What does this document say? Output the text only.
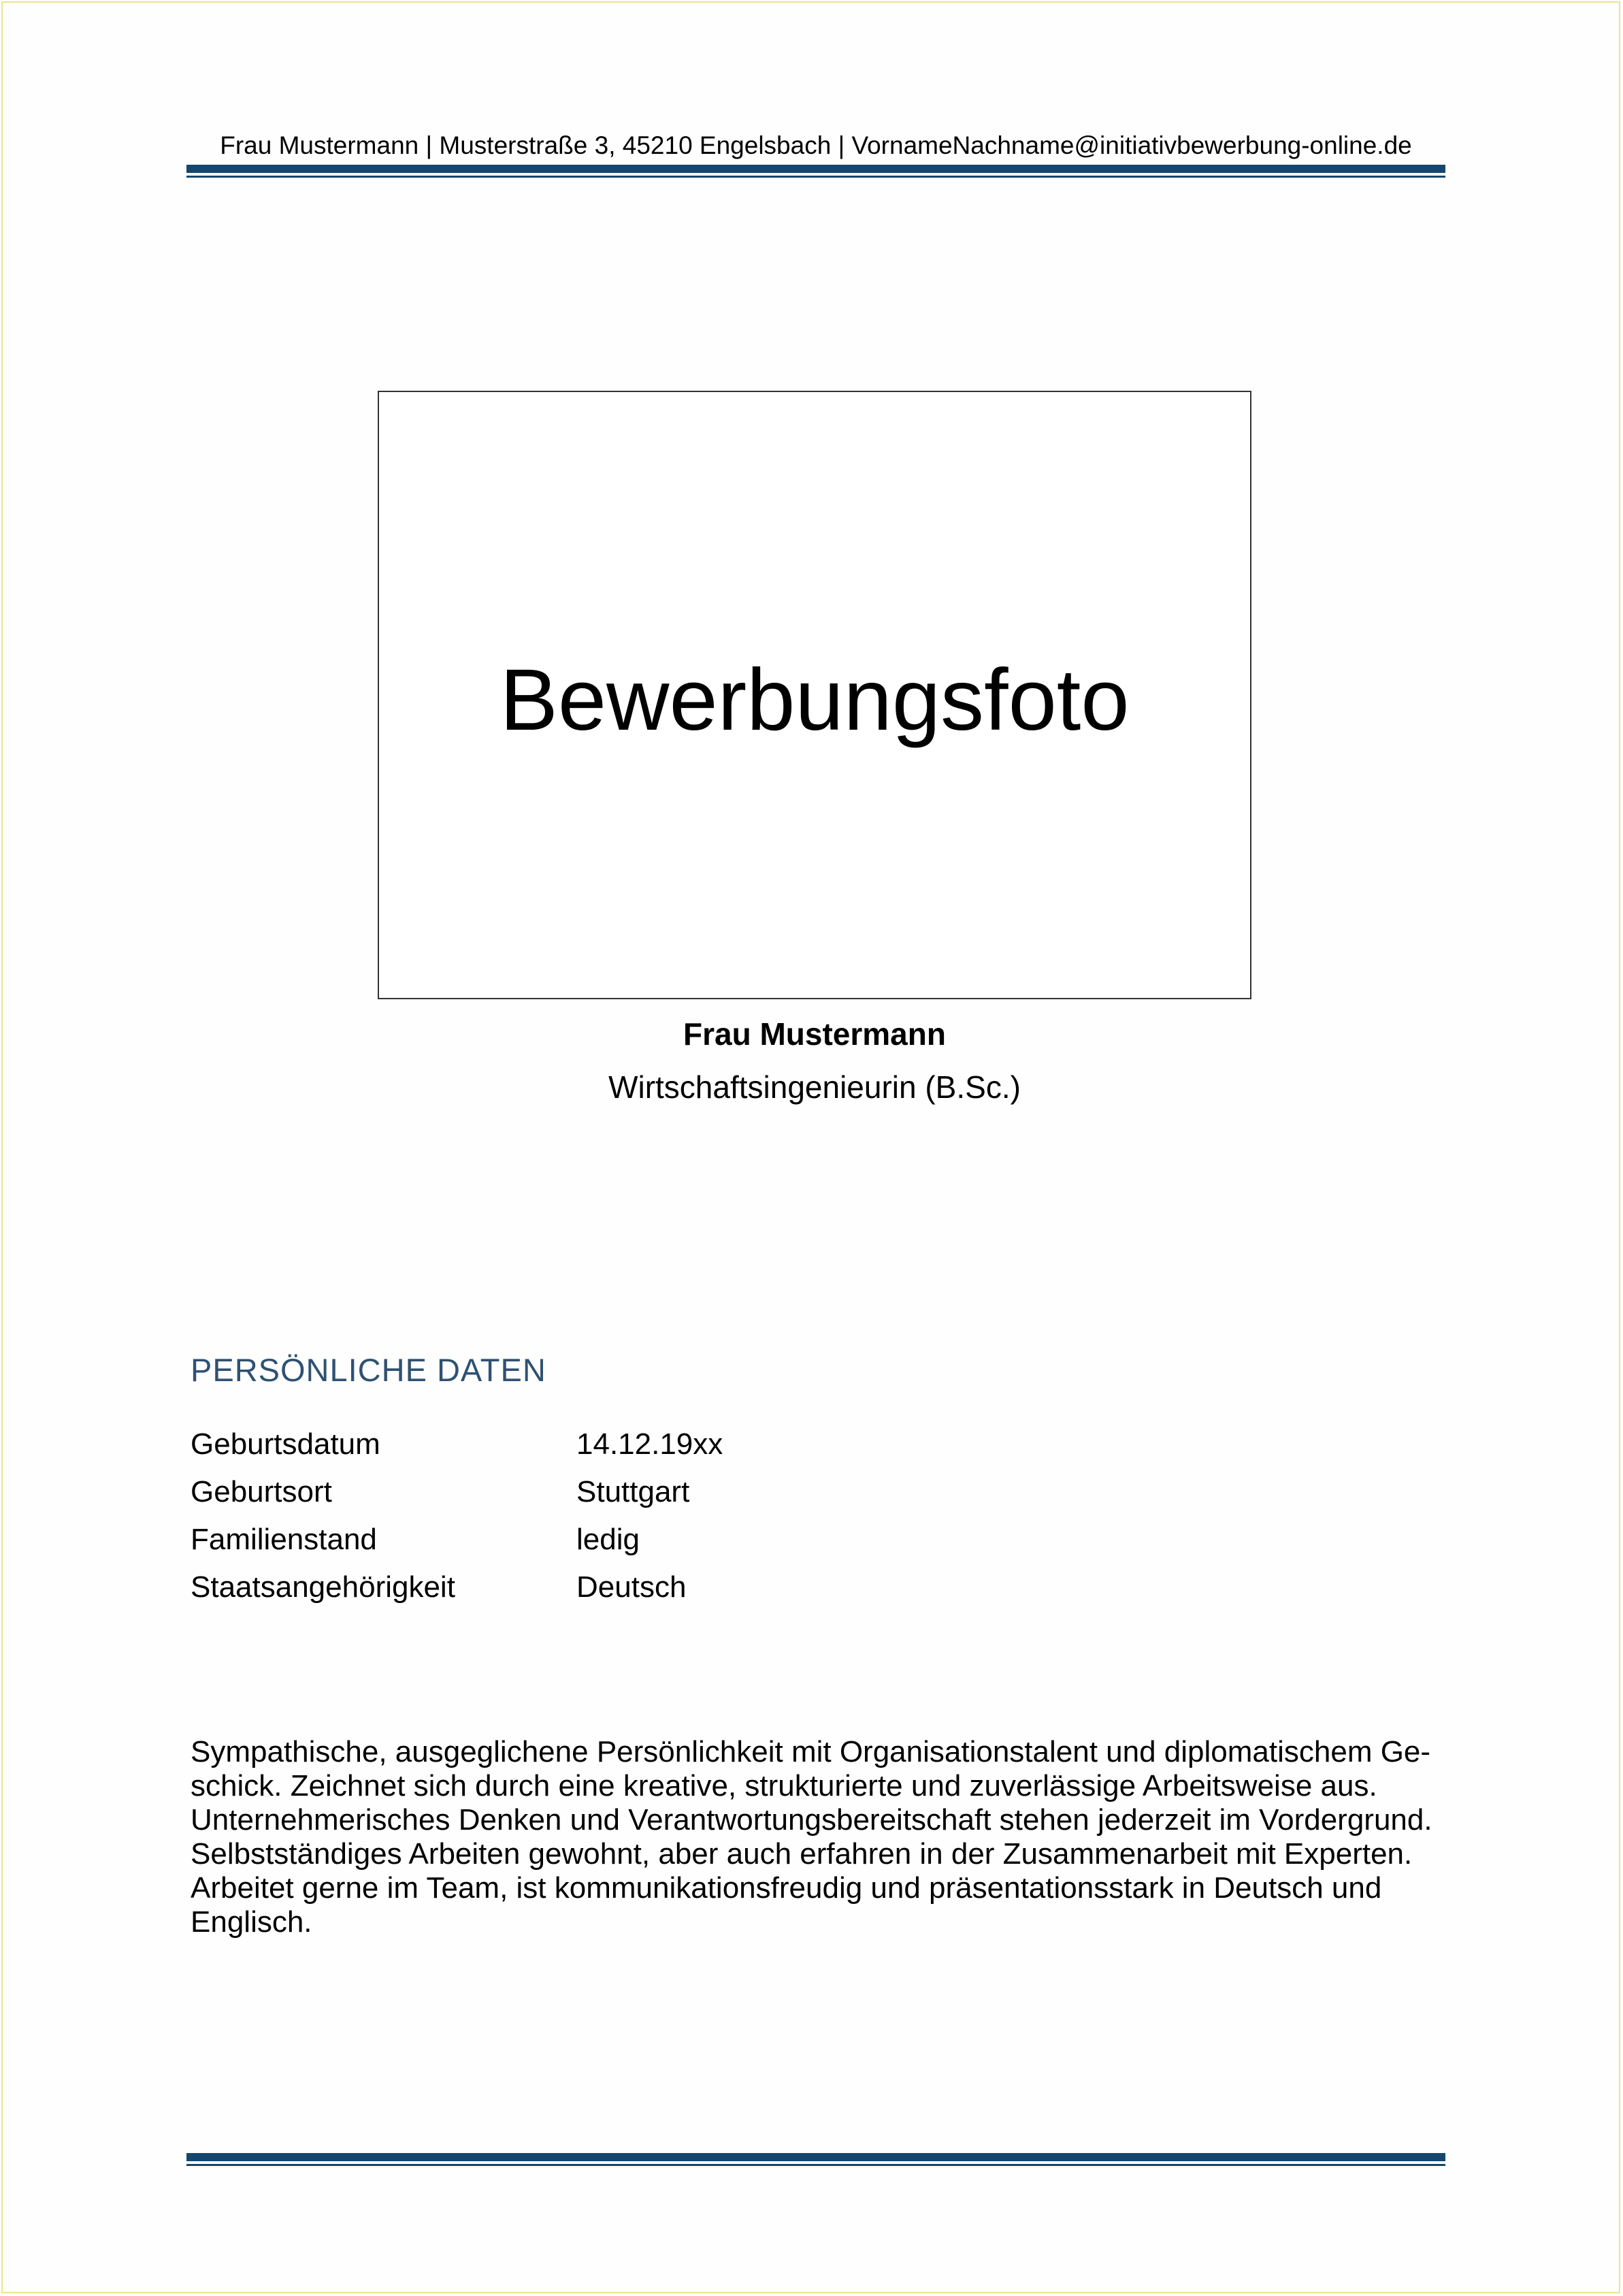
Frau Mustermann | Musterstraße 3, 45210 Engelsbach | VornameNachname@initiativbewerbung-online.de
Bewerbungsfoto
Frau Mustermann
Wirtschaftsingenieurin (B.Sc.)
PERSÖNLICHE DATEN
Geburtsdatum	14.12.19xx
Geburtsort	Stuttgart
Familienstand	ledig
Staatsangehörigkeit	Deutsch
Sympathische, ausgeglichene Persönlichkeit mit Organisationstalent und diplomatischem Ge-
schick. Zeichnet sich durch eine kreative, strukturierte und zuverlässige Arbeitsweise aus.
Unternehmerisches Denken und Verantwortungsbereitschaft stehen jederzeit im Vordergrund.
Selbstständiges Arbeiten gewohnt, aber auch erfahren in der Zusammenarbeit mit Experten.
Arbeitet gerne im Team, ist kommunikationsfreudig und präsentationsstark in Deutsch und
Englisch.
